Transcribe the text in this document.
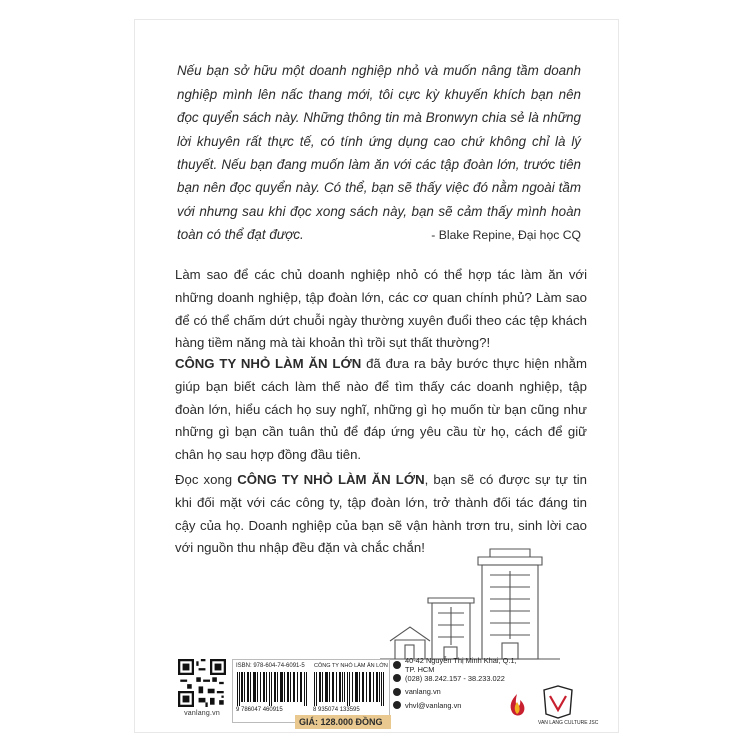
Nếu bạn sở hữu một doanh nghiệp nhỏ và muốn nâng tầm doanh nghiệp mình lên nấc thang mới, tôi cực kỳ khuyến khích bạn nên đọc quyển sách này. Những thông tin mà Bronwyn chia sẻ là những lời khuyên rất thực tế, có tính ứng dụng cao chứ không chỉ là lý thuyết. Nếu bạn đang muốn làm ăn với các tập đoàn lớn, trước tiên bạn nên đọc quyển này. Có thể, bạn sẽ thấy việc đó nằm ngoài tầm với nhưng sau khi đọc xong sách này, bạn sẽ cảm thấy mình hoàn toàn có thể đạt được.	- Blake Repine, Đại học CQ

Làm sao để các chủ doanh nghiệp nhỏ có thể hợp tác làm ăn với những doanh nghiệp, tập đoàn lớn, các cơ quan chính phủ? Làm sao để có thể chấm dứt chuỗi ngày thường xuyên đuổi theo các tệp khách hàng tiềm năng mà tài khoản thì trồi sụt thất thường?!

CÔNG TY NHỎ LÀM ĂN LỚN đã đưa ra bảy bước thực hiện nhằm giúp bạn biết cách làm thế nào để tìm thấy các doanh nghiệp, tập đoàn lớn, hiểu cách họ suy nghĩ, những gì họ muốn từ bạn cũng như những gì bạn cần tuân thủ để đáp ứng yêu cầu từ họ, cách để giữ chân họ sau hợp đồng đầu tiên.

Đọc xong CÔNG TY NHỎ LÀM ĂN LỚN, bạn sẽ có được sự tự tin khi đối mặt với các công ty, tập đoàn lớn, trở thành đối tác đáng tin cậy của họ. Doanh nghiệp của bạn sẽ vận hành trơn tru, sinh lời cao với nguồn thu nhập đều đặn và chắc chắn!

vanlang.vn
ISBN: 978-604-74-6091-5 CÔNG TY NHỎ LÀM ĂN LỚN
9 786047 460915	8 935074 133595
GIÁ: 128.000 ĐỒNG
40-42 Nguyễn Thị Minh Khai, Q.1, TP. HCM
(028) 38.242.157 - 38.233.022
vanlang.vn
vhvl@vanlang.vn
VAN LANG CULTURE JSC
